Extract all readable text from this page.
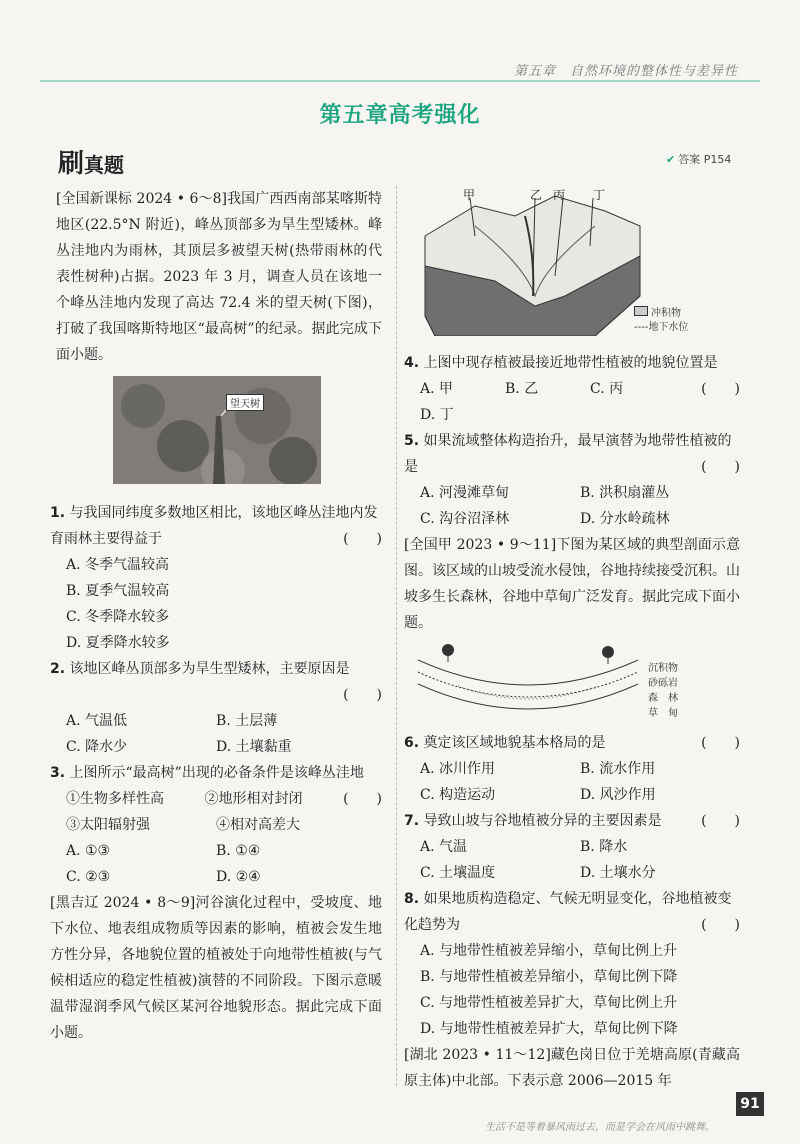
第五章　自然环境的整体性与差异性
第五章高考强化
刷真题	✔ 答案 P154

[全国新课标 2024 • 6～8]我国广西西南部某喀斯特地区(22.5°N 附近)，峰丛顶部多为旱生型矮林。峰丛洼地内为雨林，其顶层多被望天树(热带雨林的代表性树种)占据。2023 年 3 月，调查人员在该地一个峰丛洼地内发现了高达 72.4 米的望天树(下图)，打破了我国喀斯特地区“最高树”的纪录。据此完成下面小题。

望天树

1. 与我国同纬度多数地区相比，该地区峰丛洼地内发育雨林主要得益于	(　　)

A. 冬季气温较高

B. 夏季气温较高

C. 冬季降水较多

D. 夏季降水较多

2. 该地区峰丛顶部多为旱生型矮林，主要原因是

(　　)

A. 气温低	B. 土层薄

C. 降水少	D. 土壤黏重

3. 上图所示“最高树”出现的必备条件是该峰丛洼地
(　　)

①生物多样性高	②地形相对封闭

③太阳辐射强	④相对高差大

A. ①③	B. ①④

C. ②③	D. ②④

[黑吉辽 2024 • 8～9]河谷演化过程中，受坡度、地下水位、地表组成物质等因素的影响，植被会发生地方性分异，各地貌位置的植被处于向地带性植被(与气候相适应的稳定性植被)演替的不同阶段。下图示意暖温带湿润季风气候区某河谷地貌形态。据此完成下面小题。

甲	乙 丙 丁
冲积物
----地下水位

4. 上图中现存植被最接近地带性植被的地貌位置是
(　　)

A. 甲	B. 乙	C. 丙D. 丁

5. 如果流域整体构造抬升，最早演替为地带性植被的是	(　　)

A. 河漫滩草甸	B. 洪积扇灌丛

C. 沟谷沼泽林	D. 分水岭疏林

[全国甲 2023 • 9～11]下图为某区域的典型剖面示意图。该区域的山坡受流水侵蚀，谷地持续接受沉积。山坡多生长森林，谷地中草甸广泛发育。据此完成下面小题。

沉积物
砂砾岩
森　林
草　甸

6. 奠定该区域地貌基本格局的是	(　　)

A. 冰川作用	B. 流水作用

C. 构造运动	D. 风沙作用

7. 导致山坡与谷地植被分异的主要因素是	(　　)

A. 气温	B. 降水

C. 土壤温度	D. 土壤水分

8. 如果地质构造稳定、气候无明显变化，谷地植被变化趋势为	(　　)

A. 与地带性植被差异缩小，草甸比例上升

B. 与地带性植被差异缩小，草甸比例下降

C. 与地带性植被差异扩大，草甸比例上升

D. 与地带性植被差异扩大，草甸比例下降

[湖北 2023 • 11～12]藏色岗日位于羌塘高原(青藏高原主体)中北部。下表示意 2006—2015 年

生活不是等着暴风雨过去，而是学会在风雨中跳舞。
91
